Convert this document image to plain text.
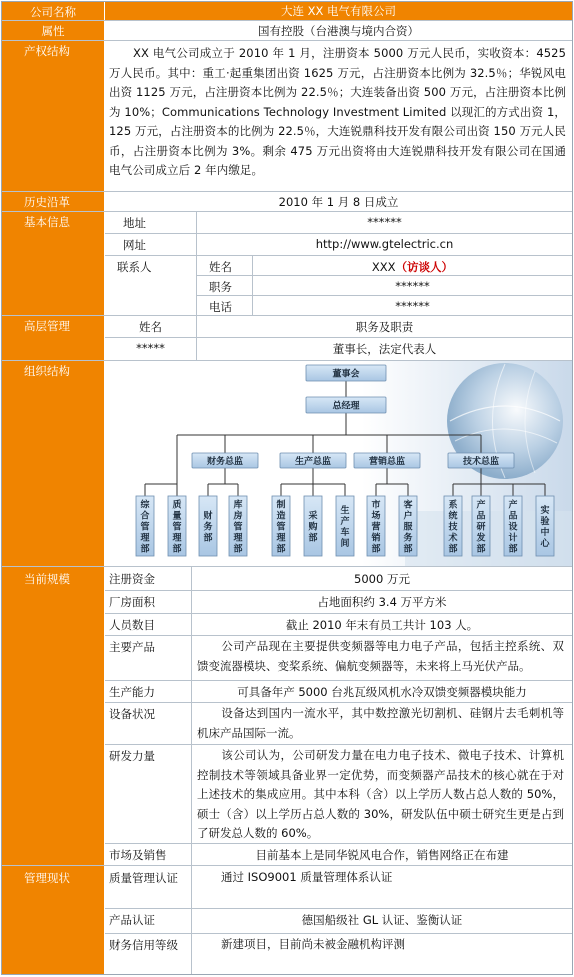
公司名称	大连 XX 电气有限公司
属性	国有控股（台港澳与境内合资）
产权结构	XX 电气公司成立于 2010 年 1 月，注册资本 5000 万元人民币，实收资本：4525 万人民币。其中：重工·起重集团出资 1625 万元，占注册资本比例为 32.5％；华锐风电出资 1125 万元，占注册资本比例为 22.5％；大连装备出资 500 万元，占注册资本比例为 10%；Communications Technology Investment Limited 以现汇的方式出资 1，125 万元，占注册资本的比例为 22.5％，大连锐鼎科技开发有限公司出资 150 万元人民币，占注册资本比例为 3%。剩余 475 万元出资将由大连锐鼎科技开发有限公司在国通电气公司成立后 2 年内缴足。
历史沿革	2010 年 1 月 8 日成立
基本信息	地址	******
网址	http://www.gtelectric.cn
联系人	姓名	XXX（访谈人）
职务	******
电话	******
高层管理	姓名	职务及职责
*****	董事长，法定代表人
组织结构	董事会
总经理
财务总监	生产总监	营销总监	技术总监
综合管理部
质量管理部
财务部
库房管理部
制造管理部
采购部
生产车间
市场营销部
客户服务部
系统技术部
产品研发部
产品设计部
实验中心
当前规模	注册资金	5000 万元
厂房面积	占地面积约 3.4 万平方米
人员数目	截止 2010 年末有员工共计 103 人。
主要产品	公司产品现在主要提供变频器等电力电子产品，包括主控系统、双馈变流器模块、变桨系统、偏航变频器等，未来将上马光伏产品。
生产能力	可具备年产 5000 台兆瓦级风机水冷双馈变频器模块能力
设备状况	设备达到国内一流水平，其中数控激光切割机、硅钢片去毛刺机等机床产品国际一流。
研发力量	该公司认为，公司研发力量在电力电子技术、微电子技术、计算机控制技术等领域具备业界一定优势，而变频器产品技术的核心就在于对上述技术的集成应用。其中本科（含）以上学历人数占总人数的 50%，硕士（含）以上学历占总人数的 30%，研发队伍中硕士研究生更是占到了研发总人数的 60%。
市场及销售	目前基本上是同华锐风电合作，销售网络正在布建
管理现状	质量管理认证	通过 ISO9001 质量管理体系认证
产品认证	德国船级社 GL 认证、鉴衡认证
财务信用等级	新建项目，目前尚未被金融机构评测
